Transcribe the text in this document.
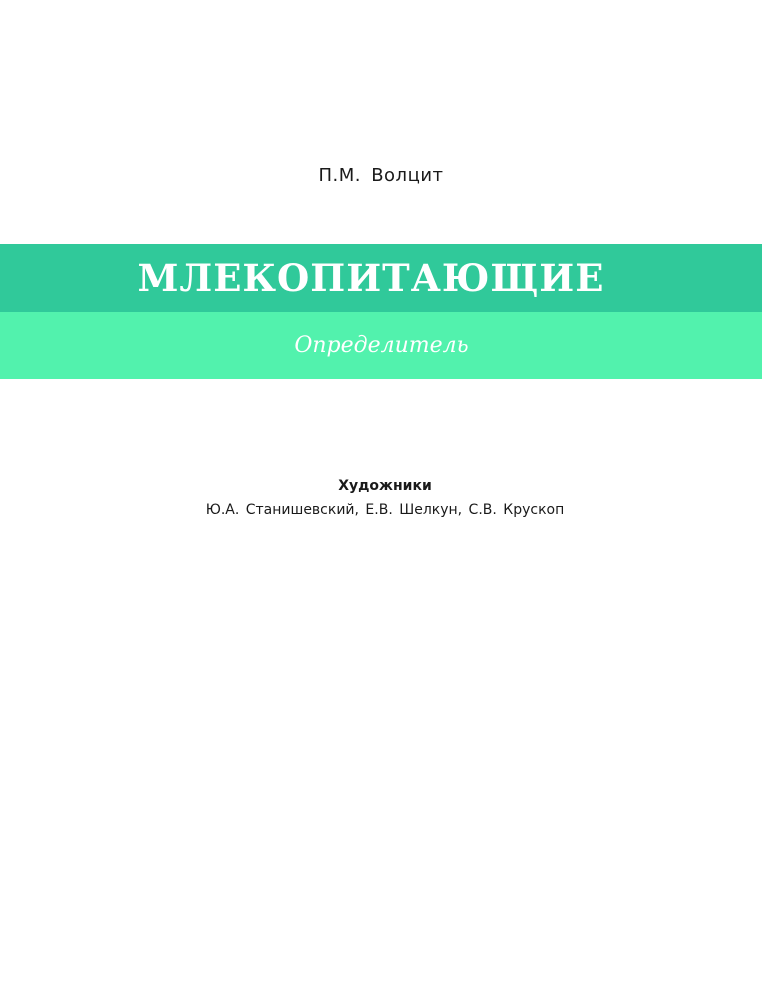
П.М. Волцит
МЛЕКОПИТАЮЩИЕ
Определитель
Художники
Ю.А. Станишевский, Е.В. Шелкун, С.В. Крускоп
